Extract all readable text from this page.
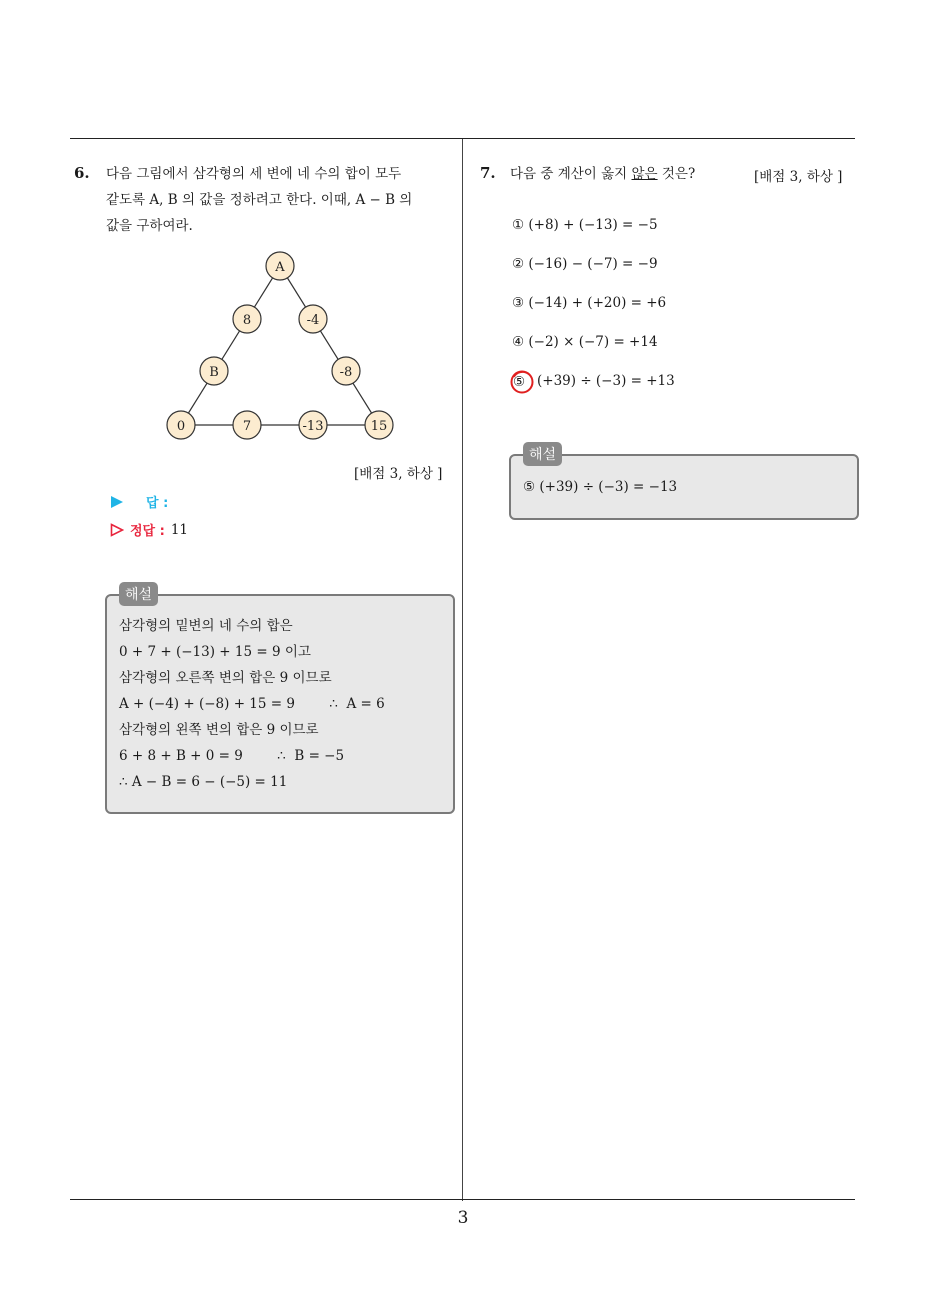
3
6. 다음 그림에서 삼각형의 세 변에 네 수의 합이 모두
같도록 A, B 의 값을 정하려고 한다. 이때, A − B 의
값을 구하여라.
A
8	-4
B	-8
0	7	-13	15
[배점 3, 하상 ]
답 :
정답 : 11
해설
삼각형의 밑변의 네 수의 합은
0 + 7 + (−13) + 15 = 9 이고
삼각형의 오른쪽 변의 합은 9 이므로
A + (−4) + (−8) + 15 = 9        ∴  A = 6
삼각형의 왼쪽 변의 합은 9 이므로
6 + 8 + B + 0 = 9        ∴  B = −5
∴ A − B = 6 − (−5) = 11
7. 다음 중 계산이 옳지 않은 것은?	[배점 3, 하상 ]
① (+8) + (−13) = −5
② (−16) − (−7) = −9
③ (−14) + (+20) = +6
④ (−2) × (−7) = +14
⑤ (+39) ÷ (−3) = +13
해설
⑤ (+39) ÷ (−3) = −13
